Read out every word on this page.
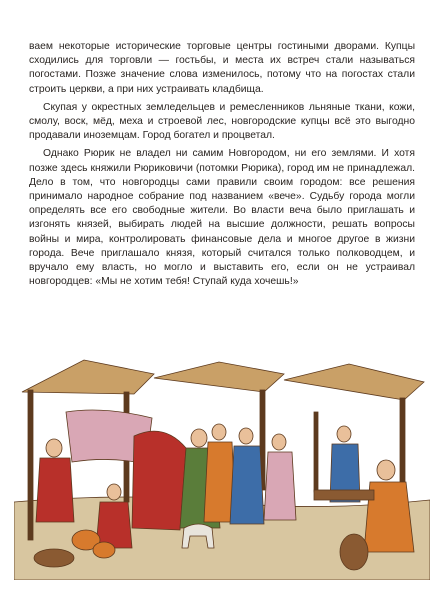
ваем некоторые исторические торговые центры гостиными дворами. Купцы сходились для торговли — гостьбы, и места их встреч стали называться погостами. Позже значение слова изменилось, потому что на погостах стали строить церкви, а при них устраивать кладбища.

Скупая у окрестных земледельцев и ремесленников льняные ткани, кожи, смолу, воск, мёд, меха и строевой лес, новгородские купцы всё это выгодно продавали иноземцам. Город богател и процветал.

Однако Рюрик не владел ни самим Новгородом, ни его землями. И хотя позже здесь княжили Рюриковичи (потомки Рюрика), город им не принадлежал. Дело в том, что новгородцы сами правили своим городом: все решения принимало народное собрание под названием «вече». Судьбу города могли определять все его свободные жители. Во власти веча было приглашать и изгонять князей, выбирать людей на высшие должности, решать вопросы войны и мира, контролировать финансовые дела и многое другое в жизни города. Вече приглашало князя, который считался только полководцем, и вручало ему власть, но могло и выставить его, если он не устраивал новгородцев: «Мы не хотим тебя! Ступай куда хочешь!»
